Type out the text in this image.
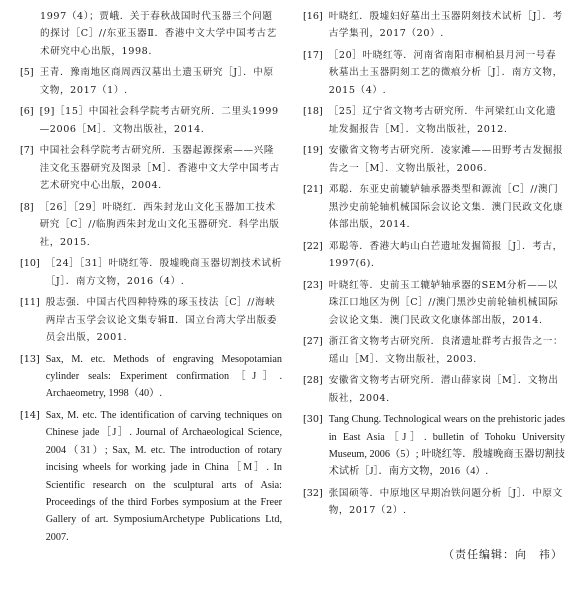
1997（4）；贾峨．关于春秋战国时代玉器三个问题的探讨［C］//东亚玉器Ⅱ．香港中文大学中国考古艺术研究中心出版，1998.
[5] 王青．豫南地区商周西汉墓出土遗玉研究［J］．中原文物，2017（1）.
[6] [9]［15］中国社会科学院考古研究所．二里头1999—2006［M］．文物出版社，2014.
[7] 中国社会科学院考古研究所．玉器起源探索——兴隆洼文化玉器研究及图录［M］．香港中文大学中国考古艺术研究中心出版，2004.
[8] ［26］［29］叶晓红．西朱封龙山文化玉器加工技术研究［C］//临朐西朱封龙山文化玉器研究．科学出版社，2015.
[10] ［24］［31］叶晓红等．殷墟晚商玉器切割技术试析［J］．南方文物，2016（4）.
[11] 殷志强．中国古代四种特殊的琢玉技法［C］//海峡两岸古玉学会议论文集专辑Ⅱ．国立台湾大学出版委员会出版，2001.
[13] Sax, M. etc. Methods of engraving Mesopotamian cylinder seals: Experiment confirmation［J］. Archaeometry, 1998（40）.
[14] Sax, M. etc. The identification of carving techniques on Chinese jade［J］. Journal of Archaeological Science, 2004（31）; Sax, M. etc. The introduction of rotary incising wheels for working jade in China［M］. In Scientific research on the sculptural arts of Asia: Proceedings of the third Forbes symposium at the Freer Gallery of art. SymposiumArchetype Publications Ltd, 2007.
[16] 叶晓红．殷墟妇好墓出土玉器阴刻技术试析［J］．考古学集刊，2017（20）.
[17] ［20］叶晓红等．河南省南阳市桐柏县月河一号春秋墓出土玉器阴刻工艺的微痕分析［J］．南方文物，2015（4）.
[18] ［25］辽宁省文物考古研究所．牛河梁红山文化遗址发掘报告［M］．文物出版社，2012.
[19] 安徽省文物考古研究所．凌家滩——田野考古发掘报告之一［M］．文物出版社，2006.
[21] 邓聪．东亚史前辘轳轴承器类型和源流［C］//澳门黑沙史前轮轴机械国际会议论文集．澳门民政文化康体部出版，2014.
[22] 邓聪等．香港大屿山白芒遗址发掘简报［J］．考古，1997(6).
[23] 叶晓红等．史前玉工辘轳轴承器的SEM分析——以珠江口地区为例［C］//澳门黑沙史前轮轴机械国际会议论文集．澳门民政文化康体部出版，2014.
[27] 浙江省文物考古研究所．良渚遗址群考古报告之一：瑶山［M］．文物出版社，2003.
[28] 安徽省文物考古研究所．潜山薛家岗［M］．文物出版社，2004.
[30] Tang Chung. Technological wears on the prehistoric jades in East Asia［J］. bulletin of Tohoku University Museum, 2006（5）; 叶晓红等．殷墟晚商玉器切割技术试析［J］．南方文物，2016（4）.
[32] 张国硕等．中原地区早期冶铁问题分析［J］．中原文物，2017（2）.
（责任编辑：向　祎）
